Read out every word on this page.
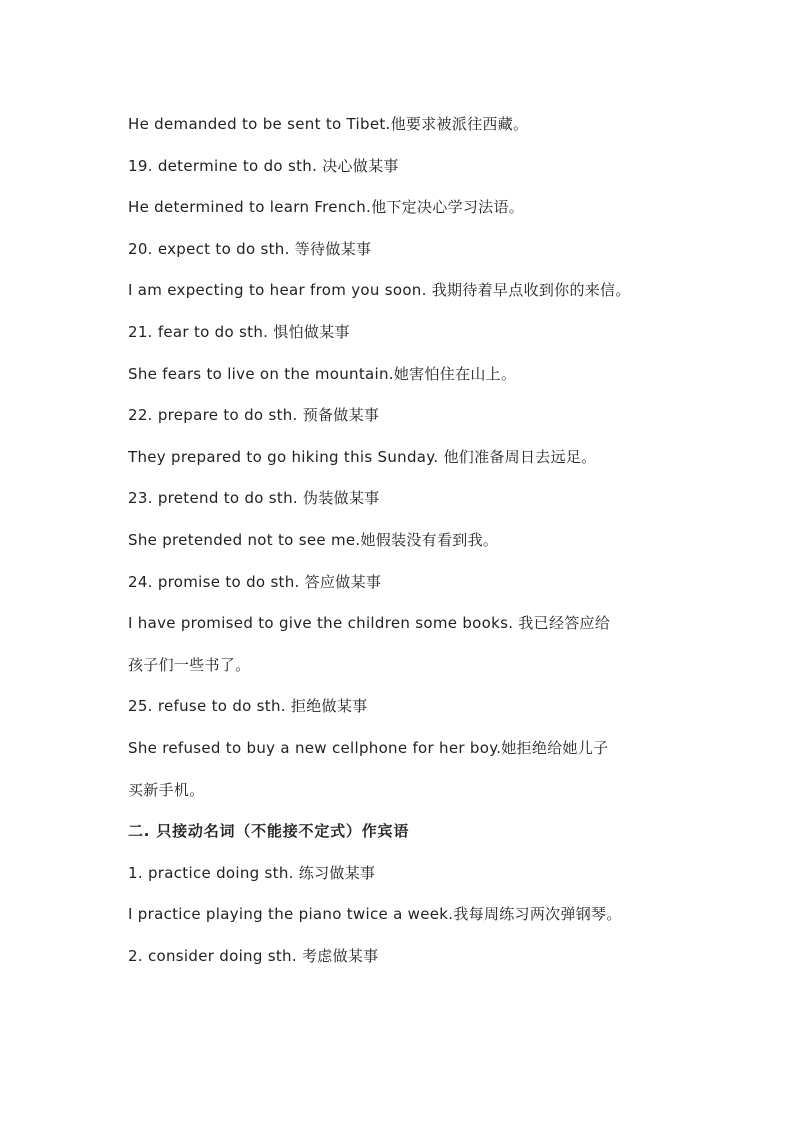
He demanded to be sent to Tibet.他要求被派往西藏。
19. determine to do sth. 决心做某事
He determined to learn French.他下定决心学习法语。
20. expect to do sth. 等待做某事
I am expecting to hear from you soon. 我期待着早点收到你的来信。
21. fear to do sth. 惧怕做某事
She fears to live on the mountain.她害怕住在山上。
22. prepare to do sth. 预备做某事
They prepared to go hiking this Sunday. 他们准备周日去远足。
23. pretend to do sth. 伪装做某事
She pretended not to see me.她假装没有看到我。
24. promise to do sth. 答应做某事
I have promised to give the children some books. 我已经答应给
孩子们一些书了。
25. refuse to do sth. 拒绝做某事
She refused to buy a new cellphone for her boy.她拒绝给她儿子
买新手机。
二. 只接动名词（不能接不定式）作宾语
1. practice doing sth. 练习做某事
I practice playing the piano twice a week.我每周练习两次弹钢琴。
2. consider doing sth. 考虑做某事
